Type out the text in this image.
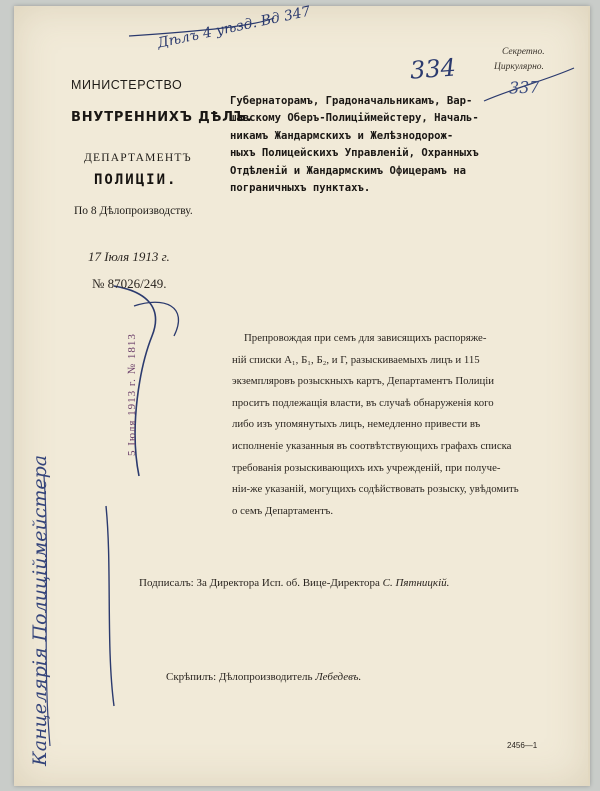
Дѣлъ 4 уѣзд. Вд 347

334

337

Секретно.

Циркулярно.

МИНИСТЕРСТВО

ВНУТРЕННИХЪ ДѢЛЪ.

ДЕПАРТАМЕНТЪ

ПОЛИЦIИ.

По 8 Дѣлопроизводству.

17 Iюля 1913 г.

№ 87026/249.

Губернаторамъ, Градоначальникамъ, Вар-
шавскому Оберъ-Полицiймейстеру, Началь-
никамъ Жандармскихъ и Желѣзнодорож-
ныхъ Полицейскихъ Управленiй, Охранныхъ
Отдѣленiй и Жандармскимъ Офицерамъ на
пограничныхъ пунктахъ.
Препровождая при семъ для зависящихъ распоряже-
нiй списки А₁, Б₁, Б₂, и Г, разыскиваемыхъ лицъ и 115
экземпляровъ розыскныхъ картъ, Департаментъ Полицiи
проситъ подлежащiя власти, въ случаѣ обнаруженiя кого
либо изъ упомянутыхъ лицъ, немедленно привести въ
исполненiе указанныя въ соотвѣтствующихъ графахъ списка
требованiя розыскивающихъ ихъ учрежденiй, при получе-
нiи-же указанiй, могущихъ содѣйствовать розыску, увѣдомить
о семъ Департаментъ.

Подписалъ: За Директора Исп. об. Вице-Директора С. Пятницкiй.

Скрѣпилъ: Дѣлопроизводитель Лебедевъ.

2456—1

Канцелярiя Полицiймейстера

5 Iюля 1913 г. № 1813
